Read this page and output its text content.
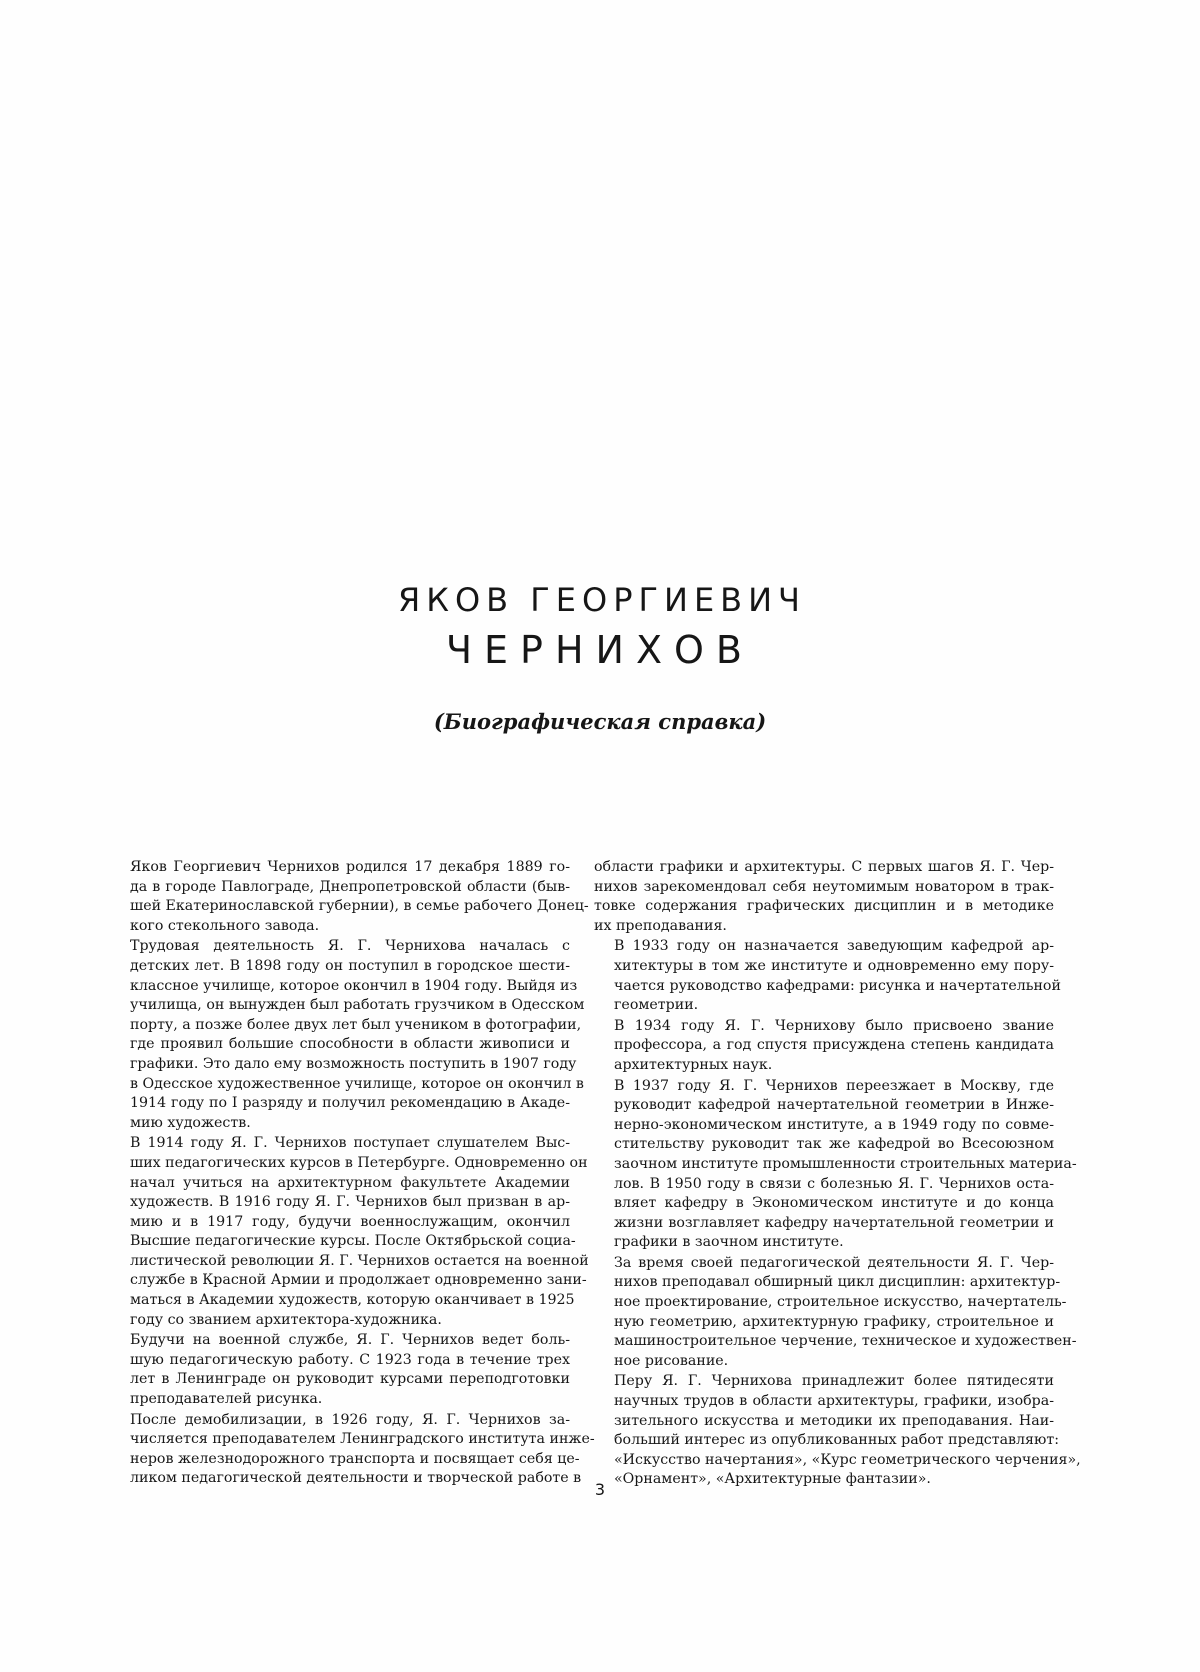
ЯКОВ ГЕОРГИЕВИЧ
ЧЕРНИХОВ
(Биографическая справка)

Яков Георгиевич Чернихов родился 17 декабря 1889 го-
да в городе Павлограде, Днепропетровской области (быв-
шей Екатеринославской губернии), в семье рабочего Донец-
кого стекольного завода.

Трудовая деятельность Я. Г. Чернихова началась с
детских лет. В 1898 году он поступил в городское шести-
классное училище, которое окончил в 1904 году. Выйдя из
училища, он вынужден был работать грузчиком в Одесском
порту, а позже более двух лет был учеником в фотографии,
где проявил большие способности в области живописи и
графики. Это дало ему возможность поступить в 1907 году
в Одесское художественное училище, которое он окончил в
1914 году по I разряду и получил рекомендацию в Акаде-
мию художеств.

В 1914 году Я. Г. Чернихов поступает слушателем Выс-
ших педагогических курсов в Петербурге. Одновременно он
начал учиться на архитектурном факультете Академии
художеств. В 1916 году Я. Г. Чернихов был призван в ар-
мию и в 1917 году, будучи военнослужащим, окончил
Высшие педагогические курсы. После Октябрьской социа-
листической революции Я. Г. Чернихов остается на военной
службе в Красной Армии и продолжает одновременно зани-
маться в Академии художеств, которую оканчивает в 1925
году со званием архитектора-художника.

Будучи на военной службе, Я. Г. Чернихов ведет боль-
шую педагогическую работу. С 1923 года в течение трех
лет в Ленинграде он руководит курсами переподготовки
преподавателей рисунка.

После демобилизации, в 1926 году, Я. Г. Чернихов за-
числяется преподавателем Ленинградского института инже-
неров железнодорожного транспорта и посвящает себя це-
ликом педагогической деятельности и творческой работе в

области графики и архитектуры. С первых шагов Я. Г. Чер-
нихов зарекомендовал себя неутомимым новатором в трак-
товке содержания графических дисциплин и в методике
их преподавания.

В 1933 году он назначается заведующим кафедрой ар-
хитектуры в том же институте и одновременно ему пору-
чается руководство кафедрами: рисунка и начертательной
геометрии.

В 1934 году Я. Г. Чернихову было присвоено звание
профессора, а год спустя присуждена степень кандидата
архитектурных наук.

В 1937 году Я. Г. Чернихов переезжает в Москву, где
руководит кафедрой начертательной геометрии в Инже-
нерно-экономическом институте, а в 1949 году по совме-
стительству руководит так же кафедрой во Всесоюзном
заочном институте промышленности строительных материа-
лов. В 1950 году в связи с болезнью Я. Г. Чернихов оста-
вляет кафедру в Экономическом институте и до конца
жизни возглавляет кафедру начертательной геометрии и
графики в заочном институте.

За время своей педагогической деятельности Я. Г. Чер-
нихов преподавал обширный цикл дисциплин: архитектур-
ное проектирование, строительное искусство, начертатель-
ную геометрию, архитектурную графику, строительное и
машиностроительное черчение, техническое и художествен-
ное рисование.

Перу Я. Г. Чернихова принадлежит более пятидесяти
научных трудов в области архитектуры, графики, изобра-
зительного искусства и методики их преподавания. Наи-
больший интерес из опубликованных работ представляют:
«Искусство начертания», «Курс геометрического черчения»,
«Орнамент», «Архитектурные фантазии».

3
